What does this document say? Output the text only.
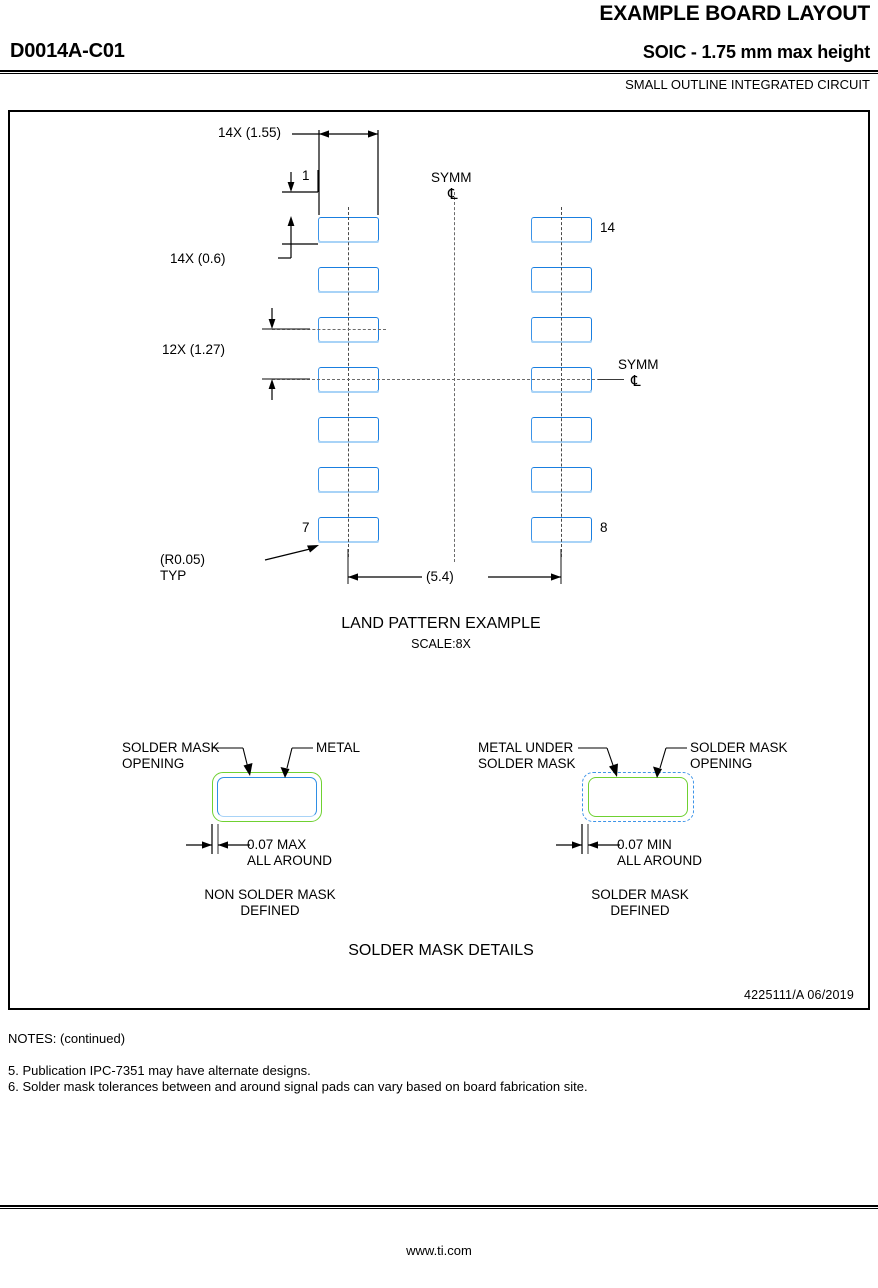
EXAMPLE BOARD LAYOUT
D0014A-C01	SOIC - 1.75 mm max height
SMALL OUTLINE INTEGRATED CIRCUIT
SYMM
℄
SYMM
℄
14X (1.55)
1
14X (0.6)
12X (1.27)
7	8
14
(R0.05)
TYP	(5.4)
LAND PATTERN EXAMPLE
SCALE:8X
SOLDER MASK
OPENING
METAL
0.07 MAX
ALL AROUND
NON SOLDER MASK
DEFINED
METAL UNDER
SOLDER MASK
SOLDER MASK
OPENING
0.07 MIN
ALL AROUND
SOLDER MASK
DEFINED
SOLDER MASK DETAILS
4225111/A 06/2019
NOTES: (continued)
5. Publication IPC-7351 may have alternate designs.
6. Solder mask tolerances between and around signal pads can vary based on board fabrication site.
www.ti.com
